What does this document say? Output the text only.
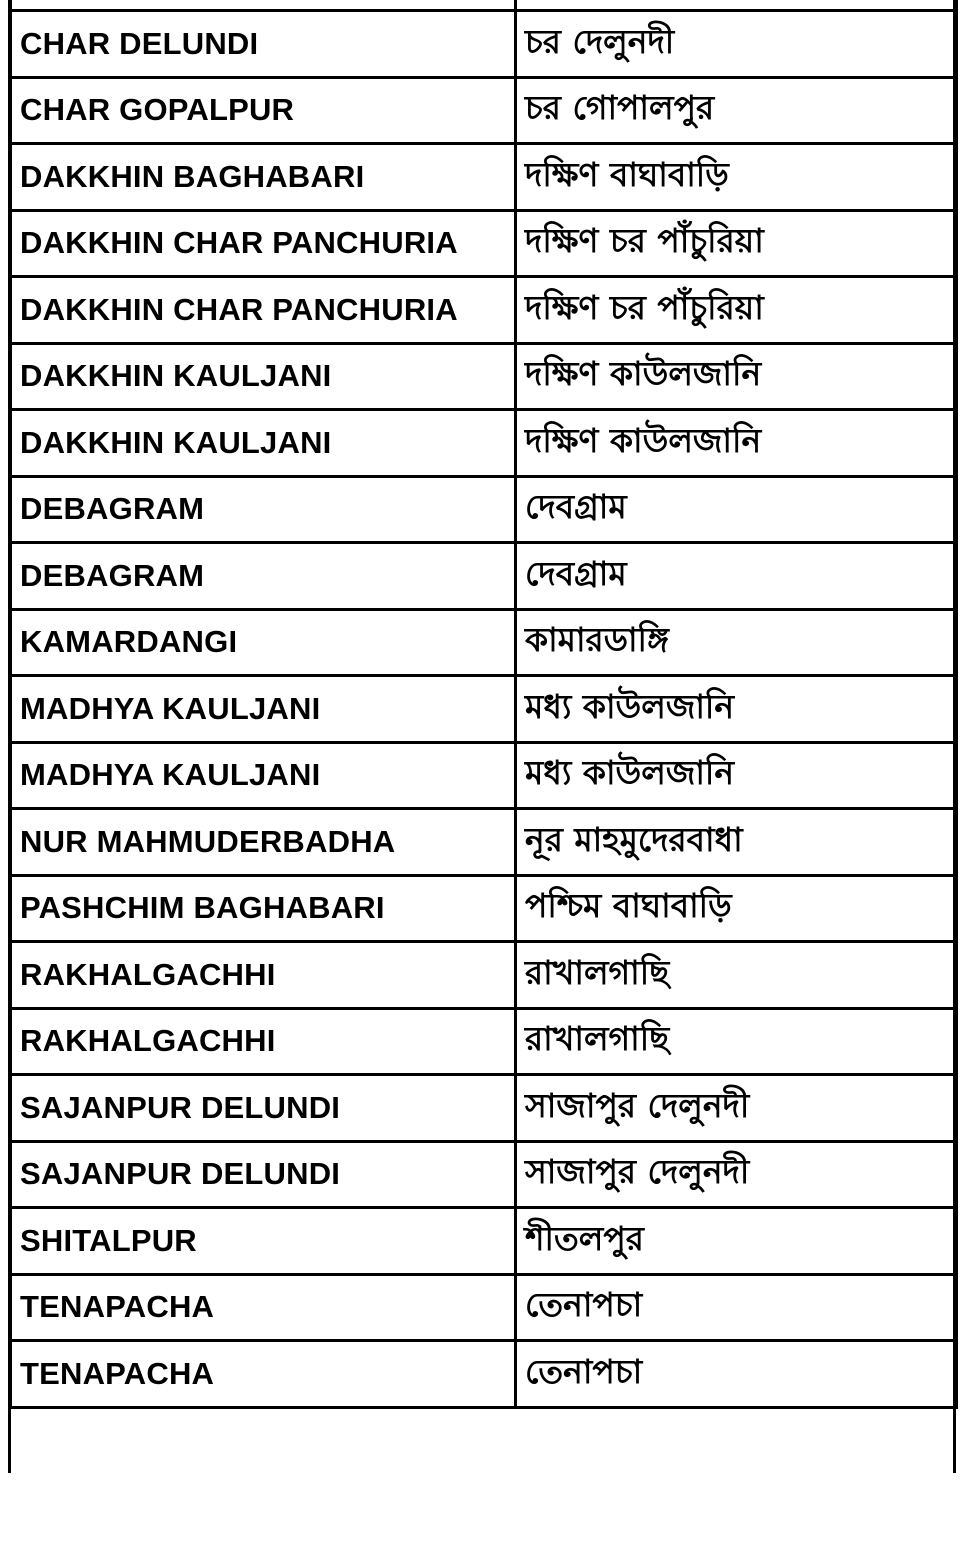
CHAR DELUNDI	চর দেলুনদী
CHAR GOPALPUR	চর গোপালপুর
DAKKHIN BAGHABARI	দক্ষিণ বাঘাবাড়ি
DAKKHIN CHAR PANCHURIA	দক্ষিণ চর পাঁচুরিয়া
DAKKHIN CHAR PANCHURIA	দক্ষিণ চর পাঁচুরিয়া
DAKKHIN KAULJANI	দক্ষিণ কাউলজানি
DAKKHIN KAULJANI	দক্ষিণ কাউলজানি
DEBAGRAM	দেবগ্রাম
DEBAGRAM	দেবগ্রাম
KAMARDANGI	কামারডাঙ্গি
MADHYA KAULJANI	মধ্য কাউলজানি
MADHYA KAULJANI	মধ্য কাউলজানি
NUR MAHMUDERBADHA	নূর মাহমুদেরবাধা
PASHCHIM BAGHABARI	পশ্চিম বাঘাবাড়ি
RAKHALGACHHI	রাখালগাছি
RAKHALGACHHI	রাখালগাছি
SAJANPUR DELUNDI	সাজাপুর দেলুনদী
SAJANPUR DELUNDI	সাজাপুর দেলুনদী
SHITALPUR	শীতলপুর
TENAPACHA	তেনাপচা
TENAPACHA	তেনাপচা
